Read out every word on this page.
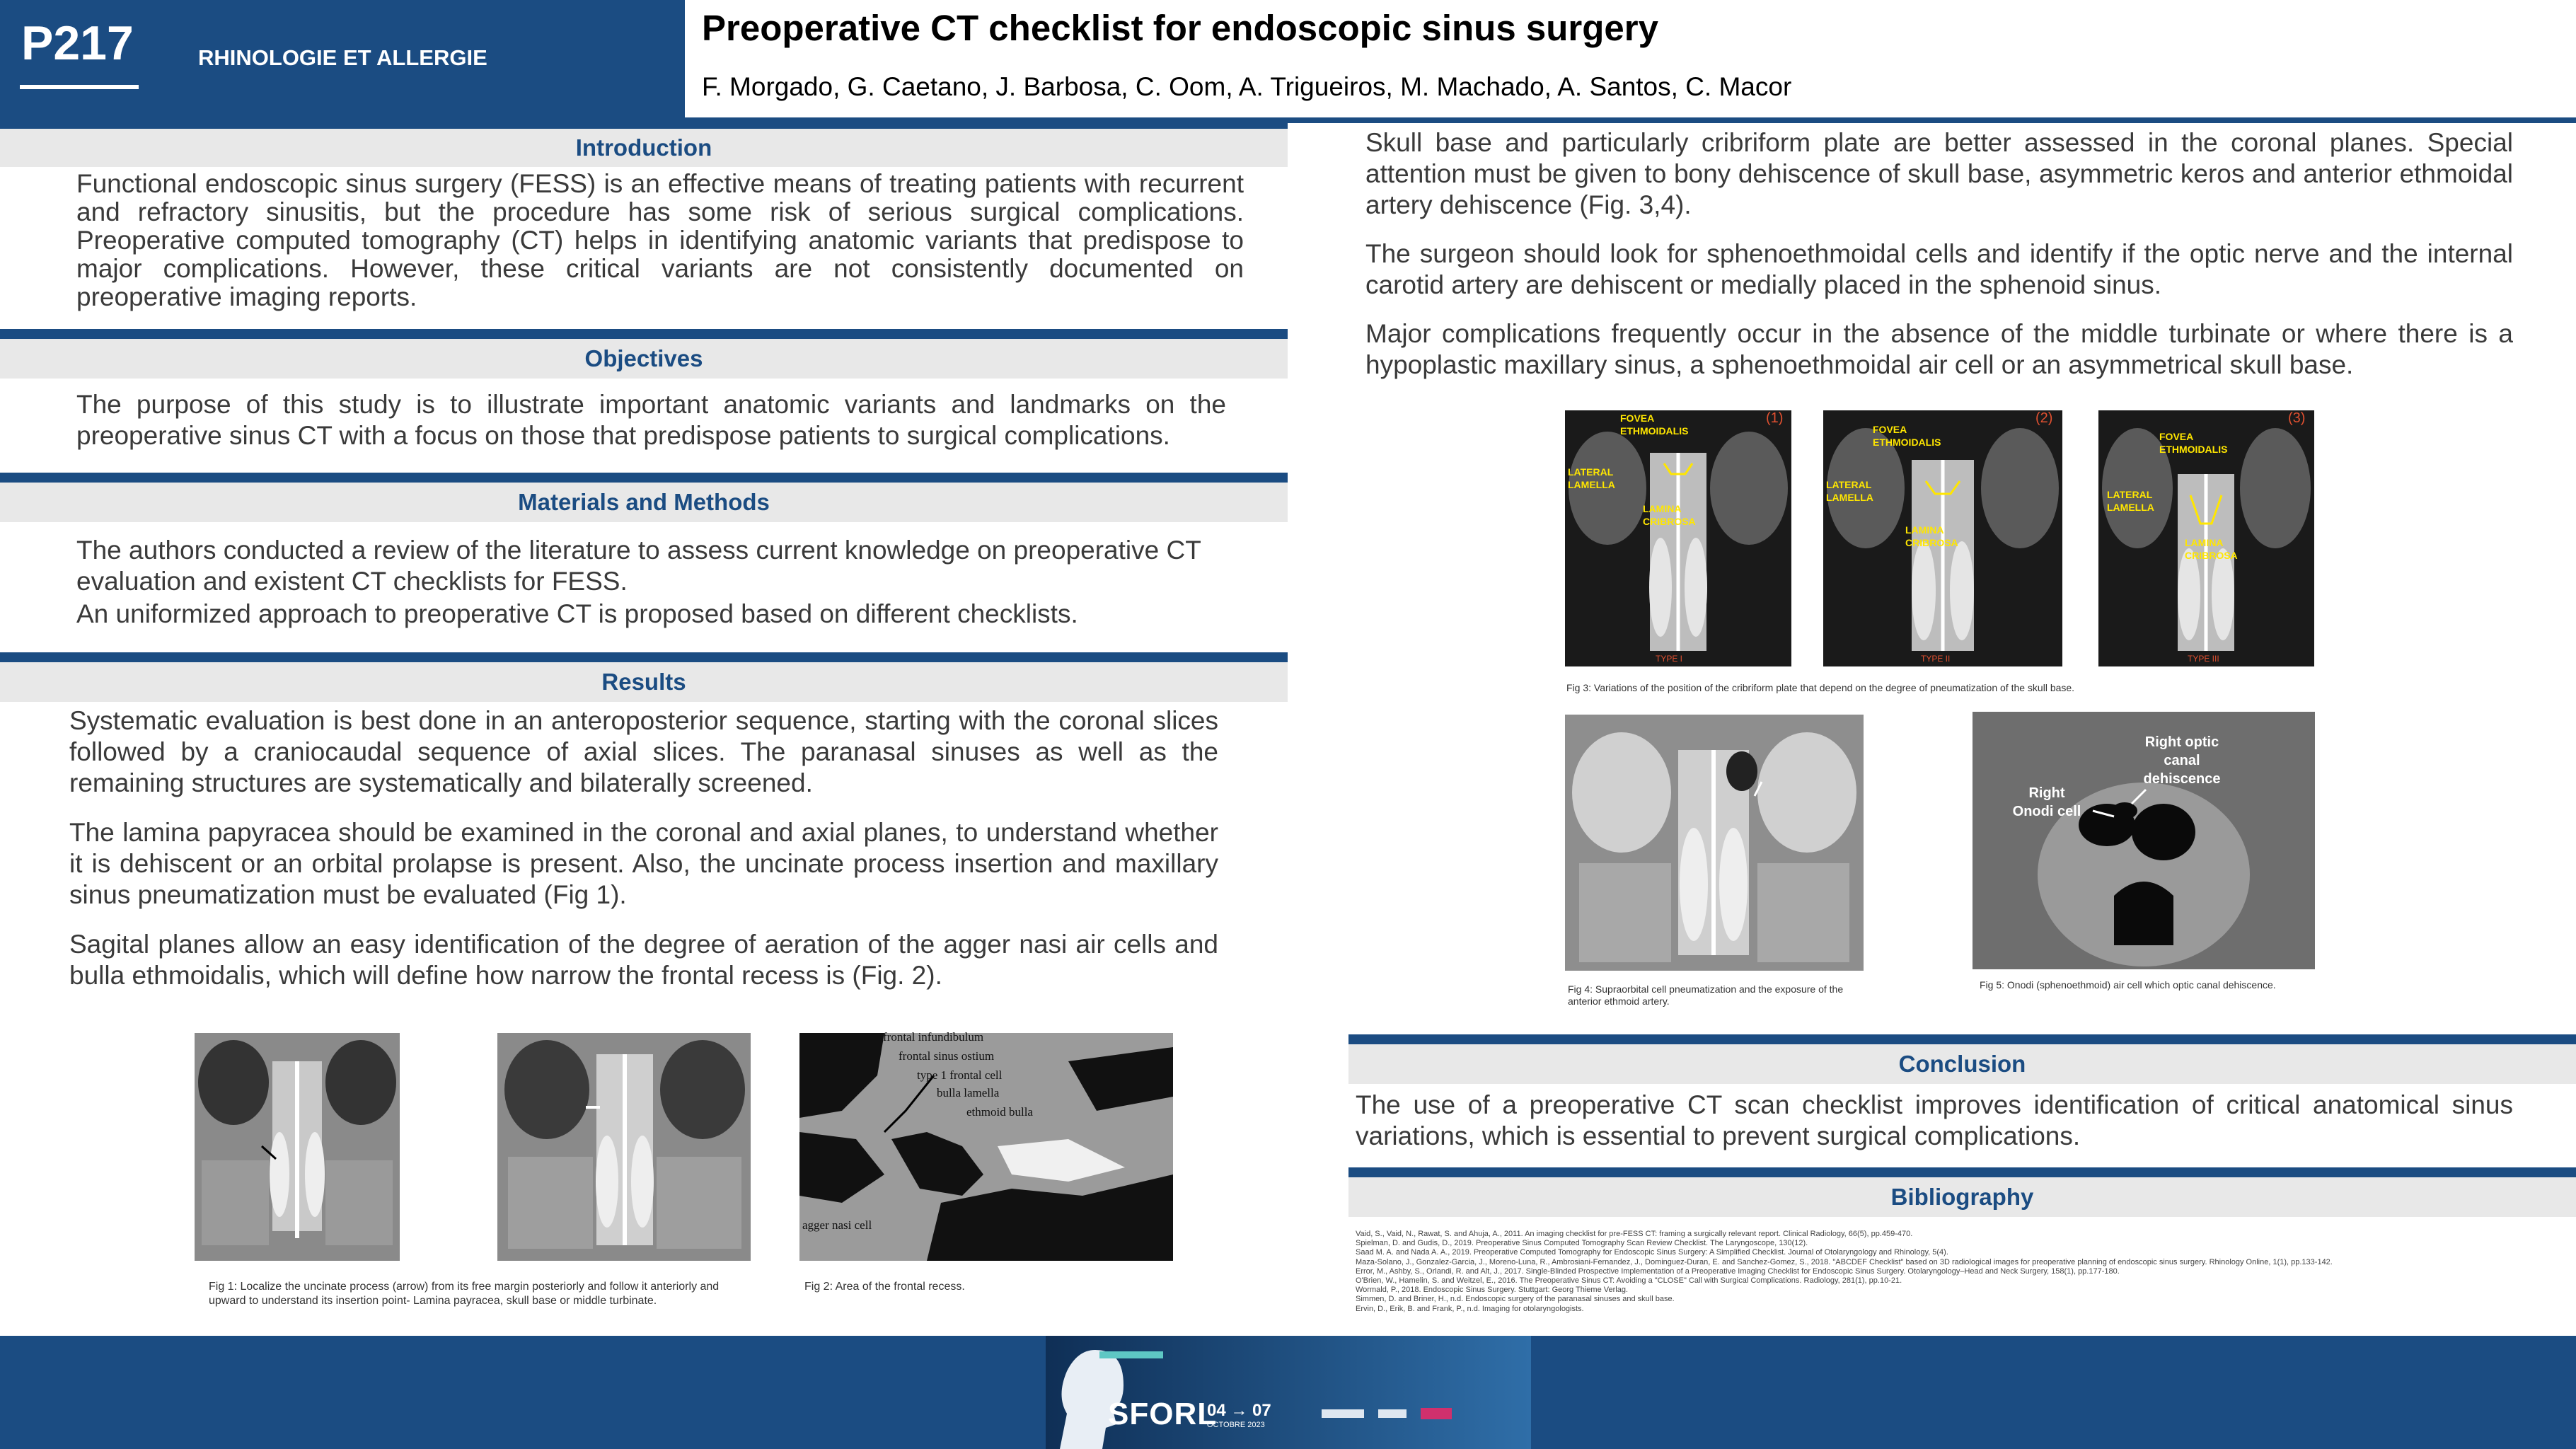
P217	RHINOLOGIE ET ALLERGIE
Preoperative CT checklist for endoscopic sinus surgery
F. Morgado, G. Caetano, J. Barbosa, C. Oom, A. Trigueiros, M. Machado, A. Santos, C. Macor
Introduction
Functional endoscopic sinus surgery (FESS) is an effective means of treating patients with recurrent and refractory sinusitis, but the procedure has some risk of serious surgical complications. Preoperative computed tomography (CT) helps in identifying anatomic variants that predispose to major complications. However, these critical variants are not consistently documented on preoperative imaging reports.
Objectives
The purpose of this study is to illustrate important anatomic variants and landmarks on the preoperative sinus CT with a focus on those that predispose patients to surgical complications.
Materials and Methods
The authors conducted a review of the literature to assess current knowledge on preoperative CT evaluation and existent CT checklists for FESS.
An uniformized approach to preoperative CT is proposed based on different checklists.
Results
Systematic evaluation is best done in an anteroposterior sequence, starting with the coronal slices followed by a craniocaudal sequence of axial slices. The paranasal sinuses as well as the remaining structures are systematically and bilaterally screened.
The lamina papyracea should be examined in the coronal and axial planes, to understand whether it is dehiscent or an orbital prolapse is present. Also, the uncinate process insertion and maxillary sinus pneumatization must be evaluated (Fig 1).
Sagital planes allow an easy identification of the degree of aeration of the agger nasi air cells and bulla ethmoidalis, which will define how narrow the frontal recess is (Fig. 2).
Fig 1: Localize the uncinate process (arrow) from its free margin posteriorly and follow it anteriorly and upward to understand its insertion point- Lamina payracea, skull base or middle turbinate.
frontal infundibulum
frontal sinus ostium
type 1 frontal cell
bulla lamella
ethmoid bulla
agger nasi cell
Fig 2: Area of the frontal recess.
Skull base and particularly cribriform plate are better assessed in the coronal planes. Special attention must be given to bony dehiscence of skull base, asymmetric keros and anterior ethmoidal artery dehiscence (Fig. 3,4).
The surgeon should look for sphenoethmoidal cells and identify if the optic nerve and the internal carotid artery are dehiscent or medially placed in the sphenoid sinus.
Major complications frequently occur in the absence of the middle turbinate or where there is a hypoplastic maxillary sinus, a sphenoethmoidal air cell or an asymmetrical skull base.
(1)
FOVEA ETHMOIDALIS
LATERAL LAMELLA
LAMINA CRIBROSA
TYPE I
(2)
FOVEA ETHMOIDALIS
LATERAL LAMELLA
LAMINA CRIBROSA
TYPE II
(3)
FOVEA ETHMOIDALIS
LATERAL LAMELLA
LAMINA CRIBROSA
TYPE III
Fig 3: Variations of the position of the cribriform plate that depend on the degree of pneumatization of the skull base.
Fig 4: Supraorbital cell pneumatization and the exposure of the anterior ethmoid artery.
Right optic canal dehiscence
Right Onodi cell
Fig 5: Onodi (sphenoethmoid) air cell which optic canal dehiscence.
Conclusion
The use of a preoperative CT scan checklist improves identification of critical anatomical sinus variations, which is essential to prevent surgical complications.
Bibliography
Vaid, S., Vaid, N., Rawat, S. and Ahuja, A., 2011. An imaging checklist for pre-FESS CT: framing a surgically relevant report. Clinical Radiology, 66(5), pp.459-470.
Spielman, D. and Gudis, D., 2019. Preoperative Sinus Computed Tomography Scan Review Checklist. The Laryngoscope, 130(12).
Saad M. A. and Nada A. A., 2019. Preoperative Computed Tomography for Endoscopic Sinus Surgery: A Simplified Checklist. Journal of Otolaryngology and Rhinology, 5(4).
Maza-Solano, J., Gonzalez-Garcia, J., Moreno-Luna, R., Ambrosiani-Fernandez, J., Dominguez-Duran, E. and Sanchez-Gomez, S., 2018. "ABCDEF Checklist" based on 3D radiological images for preoperative planning of endoscopic sinus surgery. Rhinology Online, 1(1), pp.133-142.
Error, M., Ashby, S., Orlandi, R. and Alt, J., 2017. Single-Blinded Prospective Implementation of a Preoperative Imaging Checklist for Endoscopic Sinus Surgery. Otolaryngology–Head and Neck Surgery, 158(1), pp.177-180.
O'Brien, W., Hamelin, S. and Weitzel, E., 2016. The Preoperative Sinus CT: Avoiding a "CLOSE" Call with Surgical Complications. Radiology, 281(1), pp.10-21.
Wormald, P., 2018. Endoscopic Sinus Surgery. Stuttgart: Georg Thieme Verlag.
Simmen, D. and Briner, H., n.d. Endoscopic surgery of the paranasal sinuses and skull base.
Ervin, D., Erik, B. and Frank, P., n.d. Imaging for otolaryngologists.
SFORL
04 → 07
OCTOBRE 2023
